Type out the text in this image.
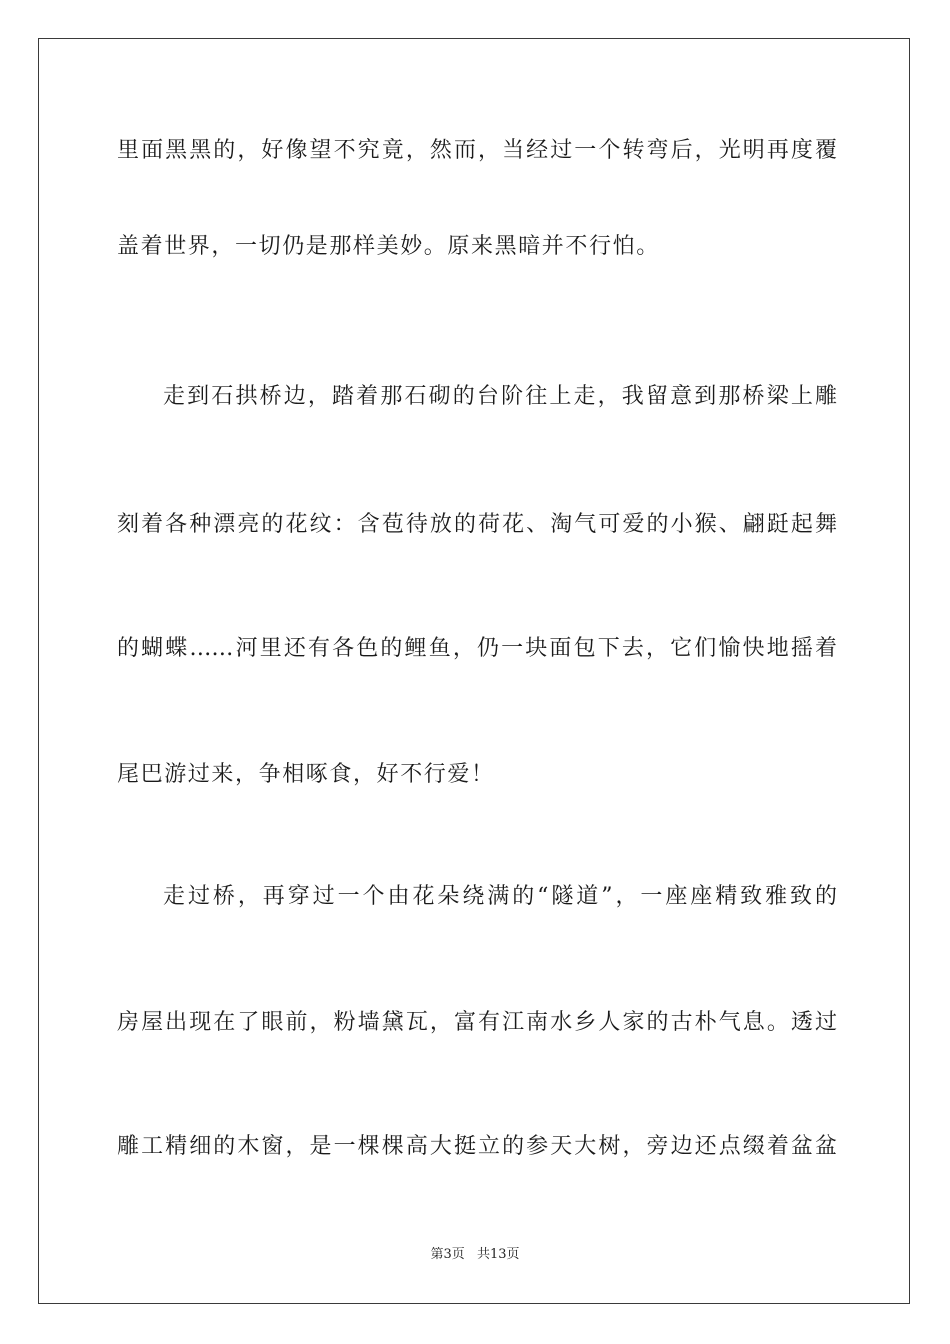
里面黑黑的，好像望不究竟，然而，当经过一个转弯后，光明再度覆
盖着世界，一切仍是那样美妙。原来黑暗并不行怕。
走到石拱桥边，踏着那石砌的台阶往上走，我留意到那桥梁上雕
刻着各种漂亮的花纹：含苞待放的荷花、淘气可爱的小猴、翩跹起舞
的蝴蝶……河里还有各色的鲤鱼，仍一块面包下去，它们愉快地摇着
尾巴游过来，争相啄食，好不行爱！
走过桥，再穿过一个由花朵绕满的“隧道”，一座座精致雅致的
房屋出现在了眼前，粉墙黛瓦，富有江南水乡人家的古朴气息。透过
雕工精细的木窗，是一棵棵高大挺立的参天大树，旁边还点缀着盆盆
第3页 共13页
